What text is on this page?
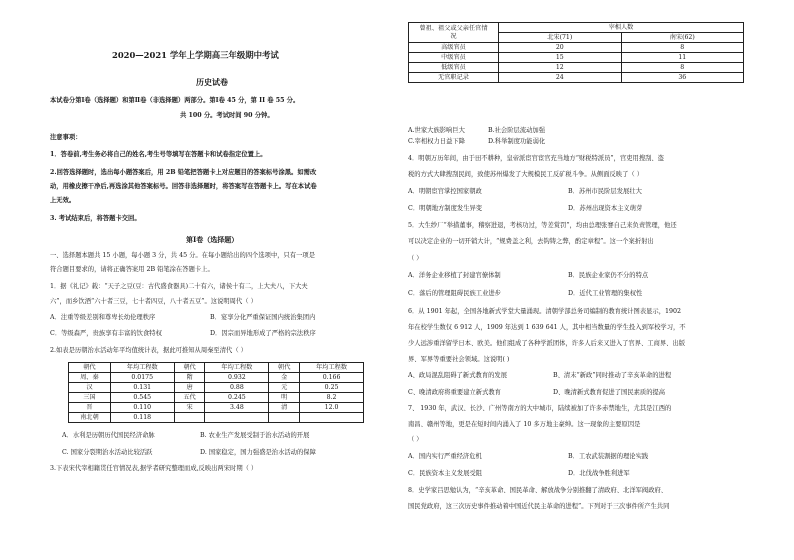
2020—2021 学年上学期高三年级期中考试
历史试卷
本试卷分第Ⅰ卷（选择题）和第Ⅱ卷（非选择题）两部分。第Ⅰ卷 45 分，第 II 卷 55 分。
共 100 分。考试时间 90 分钟。
注意事项：
1．答卷前,考生务必将自己的姓名,考生号等填写在答题卡和试卷指定位置上。
2.回答选择题时，选出每小题答案后，用 2B 铅笔把答题卡上对应题目的答案标号涂黑。如需改
动，用橡皮擦干净后,再选涂其他答案标号。回答非选择题时，将答案写在答题卡上。写在本试卷
上无效。
3. 考试结束后，将答题卡交回。
第Ⅰ卷（选择题）
一、选择题本题共 15 小题，每小题 3 分，共 45 分。在每小题给出的四个选项中，只有一项是
符合题目要求的，请将正确答案用 2B 铅笔涂在答题卡上。
1．据《礼记》载：“天子之豆(豆：古代盛食器具)二十有六，诸侯十有二，上大夫八，下大夫
六”，而乡饮酒“六十者三豆，七十者四豆，八十者五豆”。这说明周代（ ）
A．注重等级差别和尊卑长幼伦理秩序	B．宴享分化严重保证国内统治集团内
C．等级森严，贵族享有丰富的饮食特权	D．因宗而异地形成了严格的宗法秩序
2.如表是历朝治水活动年平均值统计表，据此可推知从周秦至清代（ ）
朝代	年均工程数	朝代	年均工程数	朝代	年均工程数
周、秦	0.0175	隋	0.932	金	0.166
汉	0.131	唐	0.88	元	0.25
三国	0.545	五代	0.245	明	8.2
晋	0.110	宋	3.48	清	12.0
南北朝	0.118				
A．水利是历朝历代国民经济命脉	B. 农业生产发展受制于治水活动的开展
C. 国家分裂期治水活动比较活跃	D. 国家稳定，国力强盛是治水活动的保障
3.下表宋代宰相籍贯任官情况表,据学者研究整理而成,反映出两宋时期（ ）
曾祖、祖父或父亲任官情
况	宰相人数	
	北宋(71)	南宋(62)
高级官员	20	8
中级官员	15	11
低级官员	12	8
无官职记录	24	36
A.世家大族影响巨大	B.社会阶层流动加强
C.宰相权力日益下降	D.科举制度功能弱化
4．明朝万历年间，由于田不耕种，皇帝派宦官宦官充当地方“财税特派员”，官吏用搜刮、盗
税的方式大肆搜刮民间，致使苏州爆发了大规模民工反矿税斗争。从侧面反映了（ ）
A．明朝宦官掌控国家朝政	B．苏州市民阶层发展壮大
C．明朝地方制度发生异变	D．苏州出现资本主义萌芽
5．大生纱厂“举措董事，稽察进退，考核功过，等差赏罚”，均由总理张謇自己来负责管理，他还
可以决定企业的一切开销大计，“规费盖之利，去钩铸之弊，酌定章程”。这一个案折射出
（ ）
A．洋务企业移植了封建官僚体制	B．民族企业家仍不分的特点
C．落后的管理阻碍民族工业进步	D．近代工业管理的集权性
6．从 1901 年起，全国各地新式学堂大量涌现。清朝学部总务司编制的教育统计图表显示，1902
年在校学生数仅 6 912 人，1909 年达到 1 639 641 人，其中相当数量的学生投入到军校学习，不
少人远涉重洋留学日本、欧美。他们组成了各种学派团体，许多人后来又进入了官界、工商界、出版
界、军界等重要社会领域。这说明( )
A、政局混乱阻碍了新式教育的发展	B、清末“新政”同时推动了辛亥革命的进程
C、晚清政府将重要建立新式教育	D、晚清新式教育促进了国民素质的提高
7、 1930 年，武汉、长沙、广州等南方的大中城市，陆续被加了许多赤禁地生，尤其是江西的
南昌、赣州等地，更是在短时间内涌入了 10 多万地主豪绅。这一现象的主要原因是
（ ）
A．国内实行严重经济危机	B．工农武装割据的理论实践
C．民族资本主义发展受阻	D．北伐战争胜利进军
8．史学家吕思勉认为，“辛亥革命、国民革命、解放战争分别推翻了清政府、北洋军阀政府、
国民党政府，这三次历史事件推动着中国近代民主革命的进程”。下列对于三次事件所产生共同
